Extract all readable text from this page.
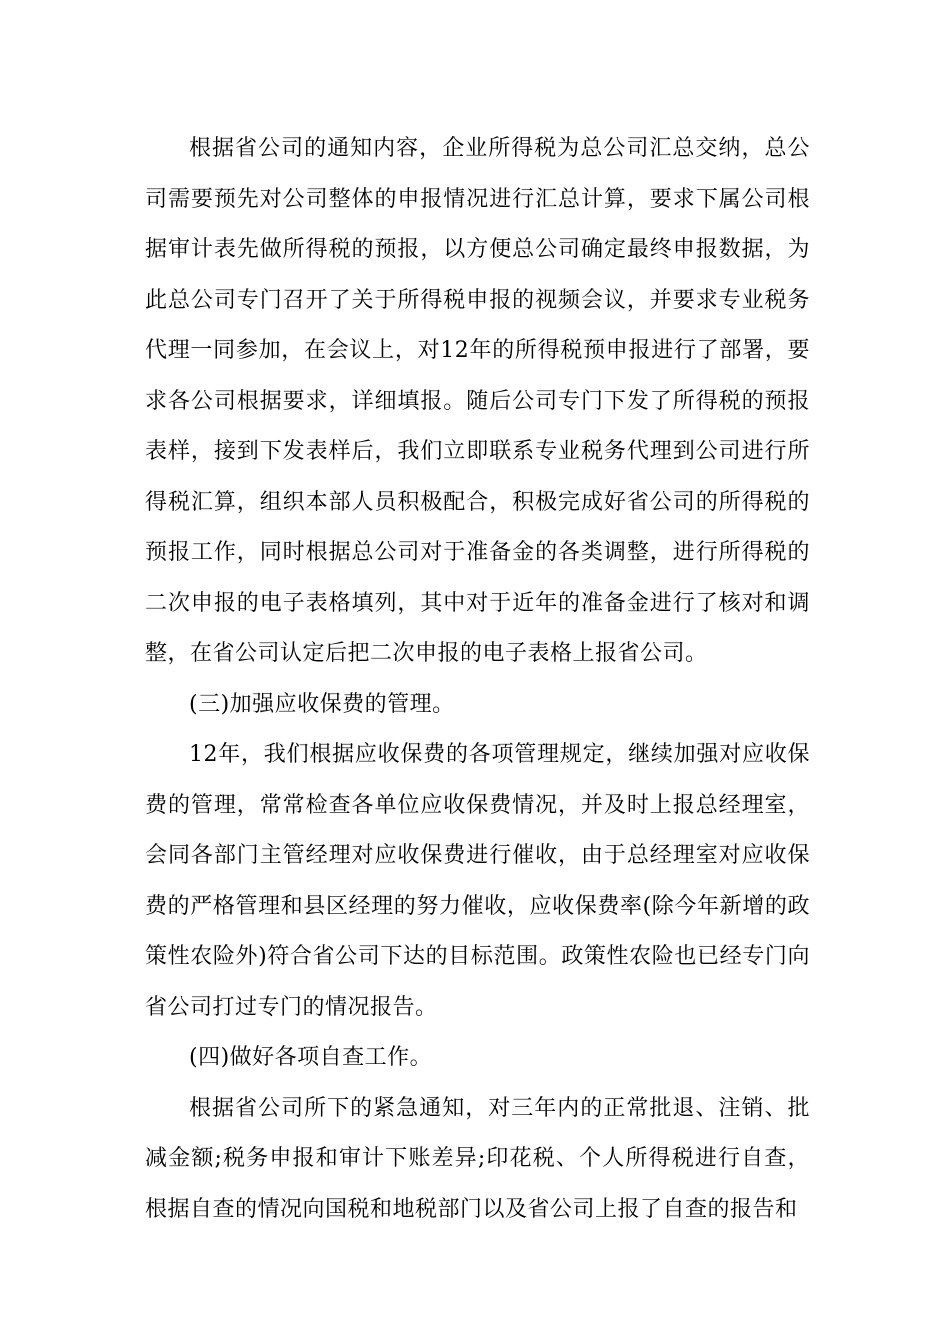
根据省公司的通知内容，企业所得税为总公司汇总交纳，总公司需要预先对公司整体的申报情况进行汇总计算，要求下属公司根据审计表先做所得税的预报，以方便总公司确定最终申报数据，为此总公司专门召开了关于所得税申报的视频会议，并要求专业税务代理一同参加，在会议上，对12年的所得税预申报进行了部署，要求各公司根据要求，详细填报。随后公司专门下发了所得税的预报表样，接到下发表样后，我们立即联系专业税务代理到公司进行所得税汇算，组织本部人员积极配合，积极完成好省公司的所得税的预报工作，同时根据总公司对于准备金的各类调整，进行所得税的二次申报的电子表格填列，其中对于近年的准备金进行了核对和调整，在省公司认定后把二次申报的电子表格上报省公司。

(三)加强应收保费的管理。

12年，我们根据应收保费的各项管理规定，继续加强对应收保费的管理，常常检查各单位应收保费情况，并及时上报总经理室，会同各部门主管经理对应收保费进行催收，由于总经理室对应收保费的严格管理和县区经理的努力催收，应收保费率(除今年新增的政策性农险外)符合省公司下达的目标范围。政策性农险也已经专门向省公司打过专门的情况报告。

(四)做好各项自查工作。

根据省公司所下的紧急通知，对三年内的正常批退、注销、批减金额;税务申报和审计下账差异;印花税、个人所得税进行自查，根据自查的情况向国税和地税部门以及省公司上报了自查的报告和
